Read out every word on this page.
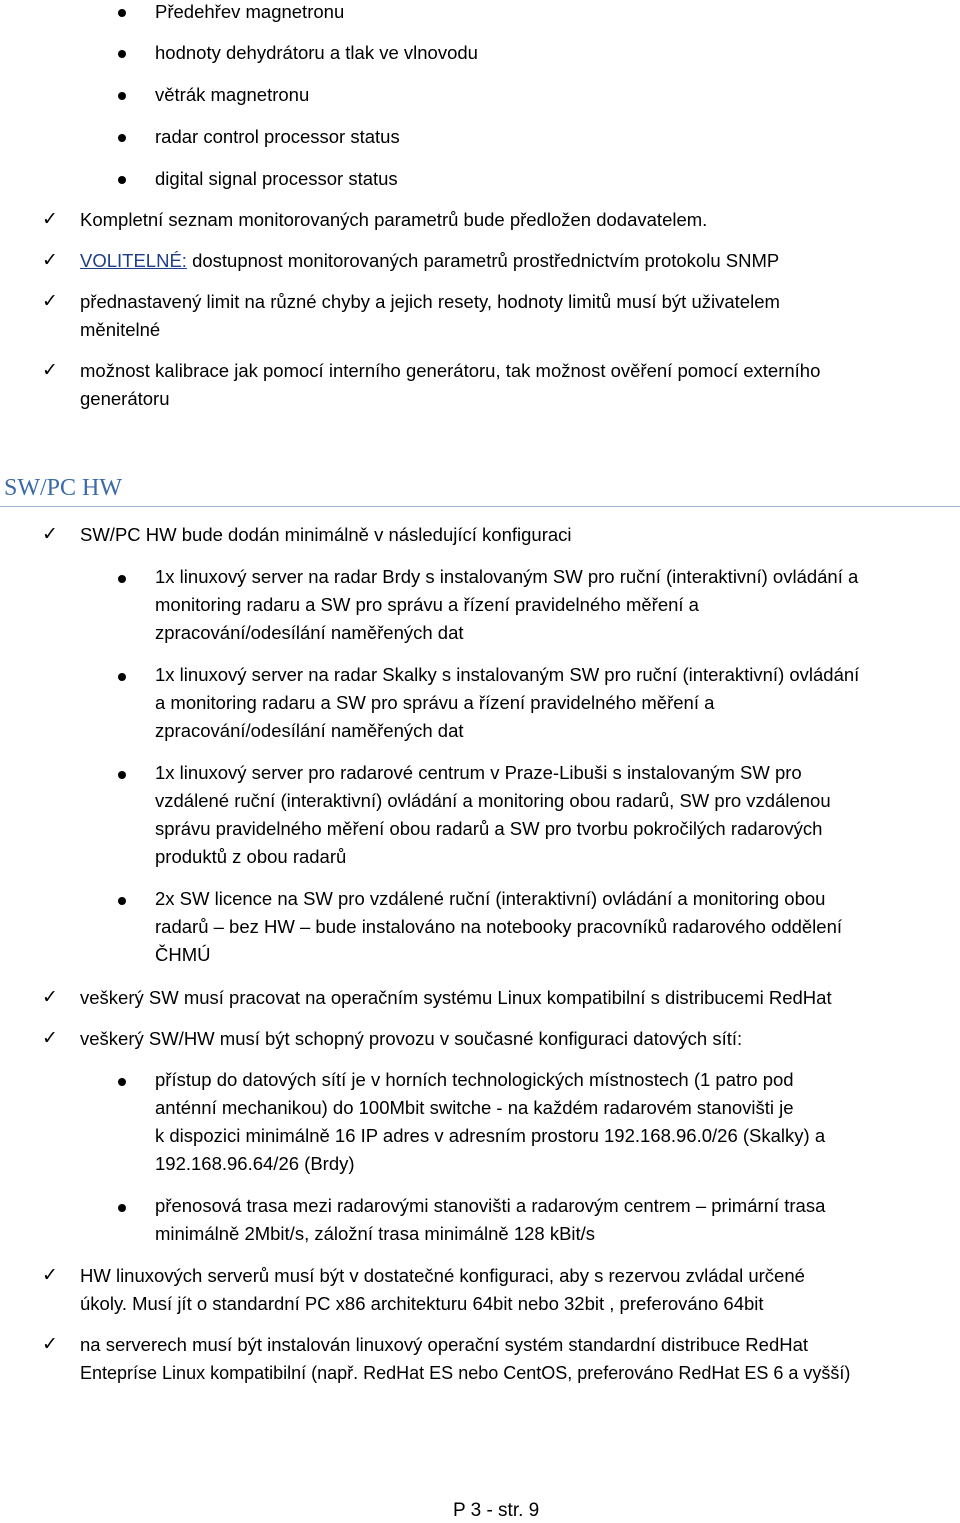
Předehřev magnetronu
hodnoty dehydrátoru a tlak ve vlnovodu
větrák magnetronu
radar control processor status
digital signal processor status
✓ Kompletní seznam monitorovaných parametrů bude předložen dodavatelem.
✓ VOLITELNÉ: dostupnost monitorovaných parametrů prostřednictvím protokolu SNMP
✓ přednastavený limit na různé chyby a jejich resety, hodnoty limitů musí být uživatelem
měnitelné
✓ možnost kalibrace jak pomocí interního generátoru, tak možnost ověření pomocí externího
generátoru
SW/PC HW
✓ SW/PC HW bude dodán minimálně v následující konfiguraci
1x linuxový server na radar Brdy s instalovaným SW pro ruční (interaktivní) ovládání a
monitoring radaru a SW pro správu a řízení pravidelného měření a
zpracování/odesílání naměřených dat
1x linuxový server na radar Skalky s instalovaným SW pro ruční (interaktivní) ovládání
a monitoring radaru a SW pro správu a řízení pravidelného měření a
zpracování/odesílání naměřených dat
1x linuxový server pro radarové centrum v Praze-Libuši s instalovaným SW pro
vzdálené ruční (interaktivní) ovládání a monitoring obou radarů, SW pro vzdálenou
správu pravidelného měření obou radarů a SW pro tvorbu pokročilých radarových
produktů z obou radarů
2x SW licence na SW pro vzdálené ruční (interaktivní) ovládání a monitoring obou
radarů – bez HW – bude instalováno na notebooky pracovníků radarového oddělení
ČHMÚ
✓ veškerý SW musí pracovat na operačním systému Linux kompatibilní s distribucemi RedHat
✓ veškerý SW/HW musí být schopný provozu v současné konfiguraci datových sítí:
přístup do datových sítí je v horních technologických místnostech (1 patro pod
anténní mechanikou) do 100Mbit switche - na každém radarovém stanovišti je
k dispozici minimálně 16 IP adres v adresním prostoru 192.168.96.0/26 (Skalky) a
192.168.96.64/26 (Brdy)
přenosová trasa mezi radarovými stanovišti a radarovým centrem – primární trasa
minimálně 2Mbit/s, záložní trasa minimálně 128 kBit/s
✓ HW linuxových serverů musí být v dostatečné konfiguraci, aby s rezervou zvládal určené
úkoly. Musí jít o standardní PC x86 architekturu 64bit nebo 32bit , preferováno 64bit
✓ na serverech musí být instalován linuxový operační systém standardní distribuce RedHat
Entepríse Linux kompatibilní (např. RedHat ES nebo CentOS, preferováno RedHat ES 6 a vyšší)
P 3 - str. 9
